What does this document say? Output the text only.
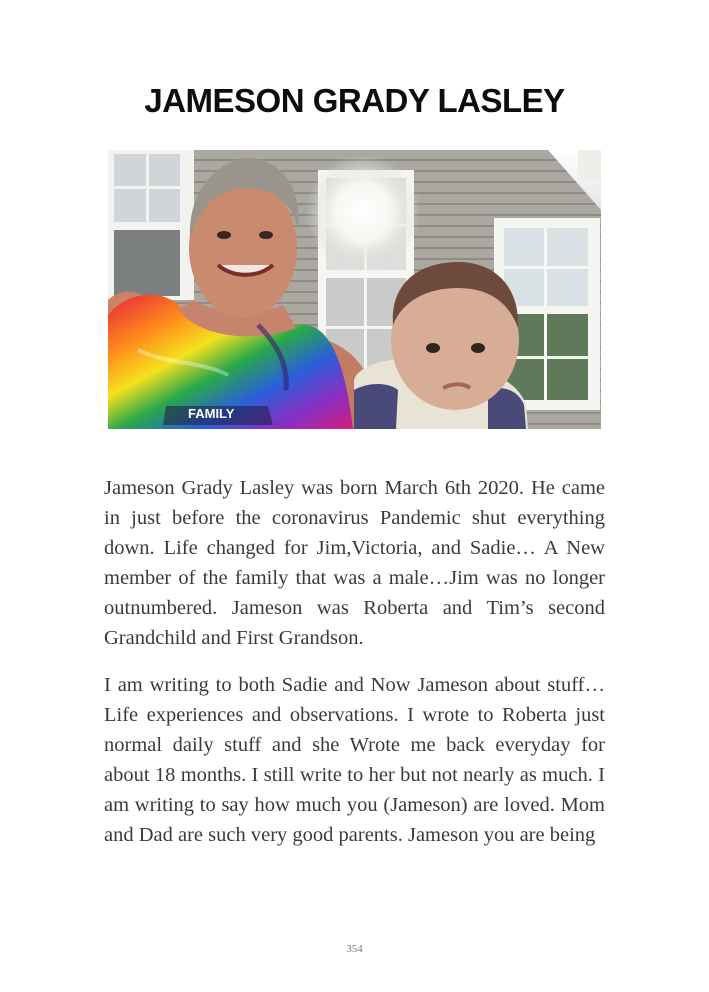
JAMESON GRADY LASLEY
FAMILY

Jameson Grady Lasley was born March 6th 2020. He came in just before the coronavirus Pandemic shut everything down. Life changed for Jim,Victoria, and Sadie… A New member of the family that was a male…Jim was no longer outnumbered. Jameson was Roberta and Tim’s second Grandchild and First Grandson.

I am writing to both Sadie and Now Jameson about stuff… Life experiences and observations. I wrote to Roberta just normal daily stuff and she Wrote me back everyday for about 18 months. I still write to her but not nearly as much. I am writing to say how much you (Jameson) are loved. Mom and Dad are such very good parents. Jameson you are being

354
